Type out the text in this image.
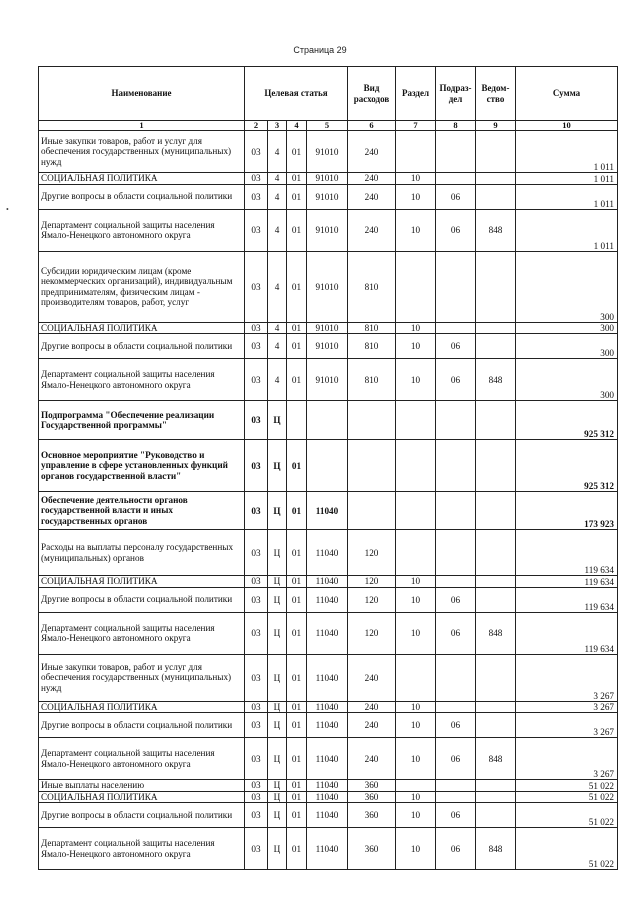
Страница 29
•
Наименование	Целевая статья				Вид расходов	Раздел	Подраз-дел	Ведом-ство	Сумма
1	2	3	4	5	6	7	8	9	10
Иные закупки товаров, работ и услуг для обеспечения государственных (муниципальных) нужд	03	4	01	91010	240				1 011
СОЦИАЛЬНАЯ ПОЛИТИКА	03	4	01	91010	240	10			1 011
Другие вопросы в области социальной политики	03	4	01	91010	240	10	06		1 011
Департамент социальной защиты населения Ямало-Ненецкого автономного округа	03	4	01	91010	240	10	06	848	1 011
Субсидии юридическим лицам (кроме некоммерческих организаций), индивидуальным предпринимателям, физическим лицам - производителям товаров, работ, услуг	03	4	01	91010	810				300
СОЦИАЛЬНАЯ ПОЛИТИКА	03	4	01	91010	810	10			300
Другие вопросы в области социальной политики	03	4	01	91010	810	10	06		300
Департамент социальной защиты населения Ямало-Ненецкого автономного округа	03	4	01	91010	810	10	06	848	300
Подпрограмма "Обеспечение реализации Государственной программы"	03	Ц							925 312
Основное мероприятие "Руководство и управление в сфере установленных функций органов государственной власти"	03	Ц	01						925 312
Обеспечение деятельности органов государственной власти и иных государственных органов	03	Ц	01	11040					173 923
Расходы на выплаты персоналу государственных (муниципальных) органов	03	Ц	01	11040	120				119 634
СОЦИАЛЬНАЯ ПОЛИТИКА	03	Ц	01	11040	120	10			119 634
Другие вопросы в области социальной политики	03	Ц	01	11040	120	10	06		119 634
Департамент социальной защиты населения Ямало-Ненецкого автономного округа	03	Ц	01	11040	120	10	06	848	119 634
Иные закупки товаров, работ и услуг для обеспечения государственных (муниципальных) нужд	03	Ц	01	11040	240				3 267
СОЦИАЛЬНАЯ ПОЛИТИКА	03	Ц	01	11040	240	10			3 267
Другие вопросы в области социальной политики	03	Ц	01	11040	240	10	06		3 267
Департамент социальной защиты населения Ямало-Ненецкого автономного округа	03	Ц	01	11040	240	10	06	848	3 267
Иные выплаты населению	03	Ц	01	11040	360				51 022
СОЦИАЛЬНАЯ ПОЛИТИКА	03	Ц	01	11040	360	10			51 022
Другие вопросы в области социальной политики	03	Ц	01	11040	360	10	06		51 022
Департамент социальной защиты населения Ямало-Ненецкого автономного округа	03	Ц	01	11040	360	10	06	848	51 022
